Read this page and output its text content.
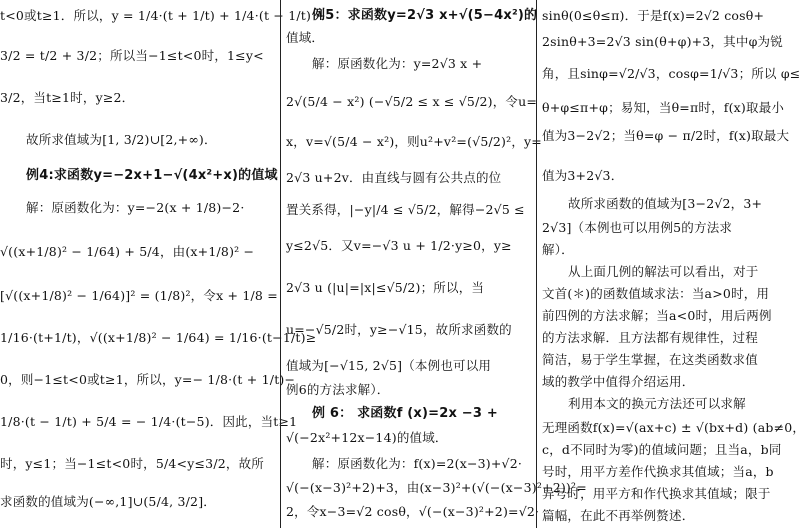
t<0或t≥1．所以，y = 1/4·(t + 1/t) + 1/4·(t − 1/t) +
3/2 = t/2 + 3/2；所以当−1≤t<0时，1≤y<
3/2，当t≥1时，y≥2．
故所求值域为[1, 3/2)∪[2,+∞)．
例4:求函数y=−2x+1−√(4x²+x)的值域
解：原函数化为：y=−2(x + 1/8)−2·
√((x+1/8)² − 1/64) + 5/4，由(x+1/8)² −
[√((x+1/8)² − 1/64)]² = (1/8)²，令x + 1/8 =
1/16·(t+1/t)，√((x+1/8)² − 1/64) = 1/16·(t−1/t)≥
0，则−1≤t<0或t≥1，所以，y=− 1/8·(t + 1/t)−
1/8·(t − 1/t) + 5/4 = − 1/4·(t−5)．因此，当t≥1
时，y≤1；当−1≤t<0时，5/4<y≤3/2，故所
求函数的值域为(−∞,1]∪(5/4, 3/2]．
例5：求函数y=2√3 x+√(5−4x²)的
值域．
解：原函数化为：y=2√3 x +
2√(5/4 − x²) (−√5/2 ≤ x ≤ √5/2)，令u=
x，v=√(5/4 − x²)，则u²+v²=(√5/2)²，y=
2√3 u+2v．由直线与圆有公共点的位
置关系得，|−y|/4 ≤ √5/2，解得−2√5 ≤
y≤2√5．又v=−√3 u + 1/2·y≥0，y≥
2√3 u (|u|=|x|≤√5/2)；所以，当
u=−√5/2时，y≥−√15，故所求函数的
值域为[−√15, 2√5]（本例也可以用
例6的方法求解）．
例 6： 求函数f (x)=2x −3 +
√(−2x²+12x−14)的值域．
解：原函数化为：f(x)=2(x−3)+√2·
√(−(x−3)²+2)+3，由(x−3)²+(√(−(x−3)²+2))²=
2，令x−3=√2 cosθ，√(−(x−3)²+2)=√2·
sinθ(0≤θ≤π)．于是f(x)=2√2 cosθ+
2sinθ+3=2√3 sin(θ+φ)+3，其中φ为锐
角，且sinφ=√2/√3，cosφ=1/√3；所以 φ≤
θ+φ≤π+φ；易知，当θ=π时，f(x)取最小
值为3−2√2；当θ=φ − π/2时，f(x)取最大
值为3+2√3．
故所求函数的值域为[3−2√2，3+
2√3]（本例也可以用例5的方法求
解）．
从上面几例的解法可以看出，对于
文首(＊)的函数值域求法：当a>0时，用
前四例的方法求解；当a<0时，用后两例
的方法求解．且方法都有规律性，过程
简洁，易于学生掌握，在这类函数求值
域的教学中值得介绍运用．
利用本文的换元方法还可以求解
无理函数f(x)=√(ax+c) ± √(bx+d) (ab≠0，
c，d不同时为零)的值域问题；且当a，b同
号时，用平方差作代换求其值域；当a，b
异号时，用平方和作代换求其值域；限于
篇幅，在此不再举例赘述．
